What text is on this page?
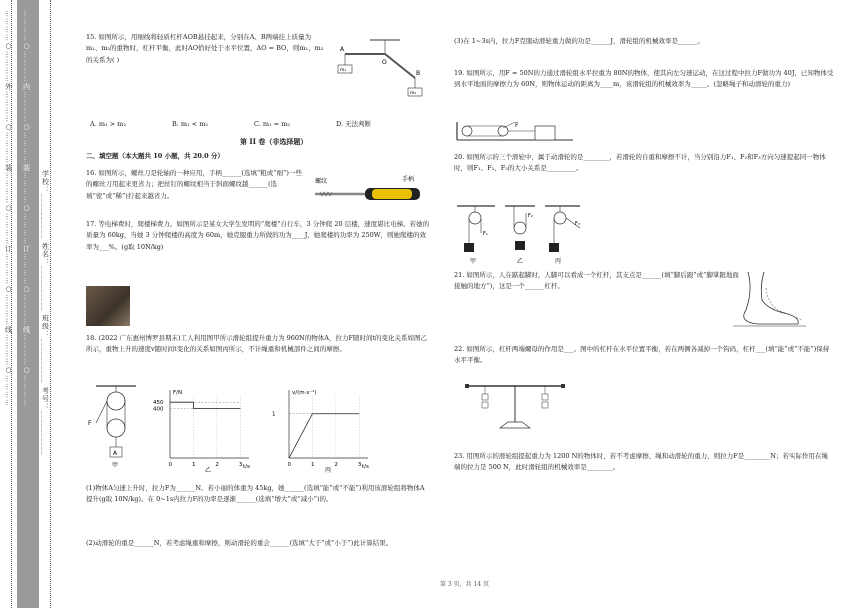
…………○…………外…………○…………装…………○…………订…………○…………线…………○…………	学校：__________ 姓名：__________ 班级：__________ 考号：__________
…………○…………内…………○…………装…………○…………订…………○…………线…………○…………	15. 如图所示，用细线将轻质杠杆AOB悬挂起来，分别在A、B两端挂上质量为m₁、m₂的重物时，杠杆平衡，此时AO恰好处于水平位置，AO = BO，则m₁、m₂的关系为( )
A
O
B
m₁
m₂
A. m₁ > m₂	B. m₁ < m₂	C. m₁ = m₂	D. 无法判断
第 II 卷（非选择题）
二、填空题（本大题共 10 小题，共 20.0 分）
16. 如图所示，螺丝刀是轮轴的一种应用，手柄______(选填“粗或“细”)一些的螺丝刀用起来更省力；把丝钉的螺纹相当于斜面螺纹越______(选填“密”或“稀”)拧起来越省力。
螺纹	手柄
17. 等电梯费时，爬楼梯费力。如图所示是某女大学生发明的“爬楼”自行车，3 分钟爬 20 层楼，速度堪比电梯。若她的质量为 60kg，当她 3 分钟爬楼的高度为 60m，她克服重力所做的功为____J，她爬楼的功率为 250W，则她爬楼的效率为___%。(g取 10N/kg)
18. (2022 广东惠州博罗县期末)工人利用图甲所示滑轮组提升重力为 960N的物体A，拉力F随时间t的变化关系如图乙所示，重物上升的速度v随时间t变化的关系如图丙所示，不计绳重和机械部件之间的摩擦。
A
F
甲	t/s
F/N
0	1	2	3
400
450
乙	t/s
v/(m·s⁻¹)
0	1	2	3
1
丙
(1)物体A匀速上升时，拉力F为______N。若小丽的体重为 45kg，她______(选填“能”或“不能”)利用该滑轮组将物体A提升(g取 10N/kg)。在 0~1s内拉力F的功率是逐渐______(选填“增大”或“减小”)的。
(2)动滑轮的重是______N，若考虑绳重和摩擦，则动滑轮的重会______(选填“大于”或“小于”)此计算结果。
(3)在 1~3s内，拉力F克服动滑轮重力做的功是______J，滑轮组的机械效率是______。
19. 如图所示，用F = 50N的力通过滑轮组水平拉重为 80N的物体，使其向左匀速运动，在这过程中拉力F做功为 40J，已知物体受到水平地面的摩擦力为 60N，则物体运动的距离为____m，该滑轮组的机械效率为_____。(忽略绳子和动滑轮的重力)
F
20. 如图所示的三个滑轮中，属于动滑轮的是________，若滑轮的自重和摩擦不计，当分别沿力F₁、F₂和F₃方向匀速提起同一物体时，则F₁、F₂、F₃的大小关系是_________。
F₁
F₂
F₃
甲	乙	丙
21. 如图所示，人在踮起脚时，人脚可以看成一个杠杆，其支点是______(填“脚后跟”或“脚掌跟地面接触的地方”)，这是一个______杠杆。
22. 如图所示，杠杆两端螺母的作用是___。图中的杠杆在水平位置平衡，若在两侧各减掉一个钩码，杠杆___(填“能”或“不能”)保持水平平衡。
23. 用图所示的滑轮组提起重力为 1200 N的物体时，若不考虑摩擦、绳和动滑轮的重力，则拉力F是________N；若实际作用在绳端的拉力是 500 N，此时滑轮组的机械效率是________。
第 3 页，共 14 页
